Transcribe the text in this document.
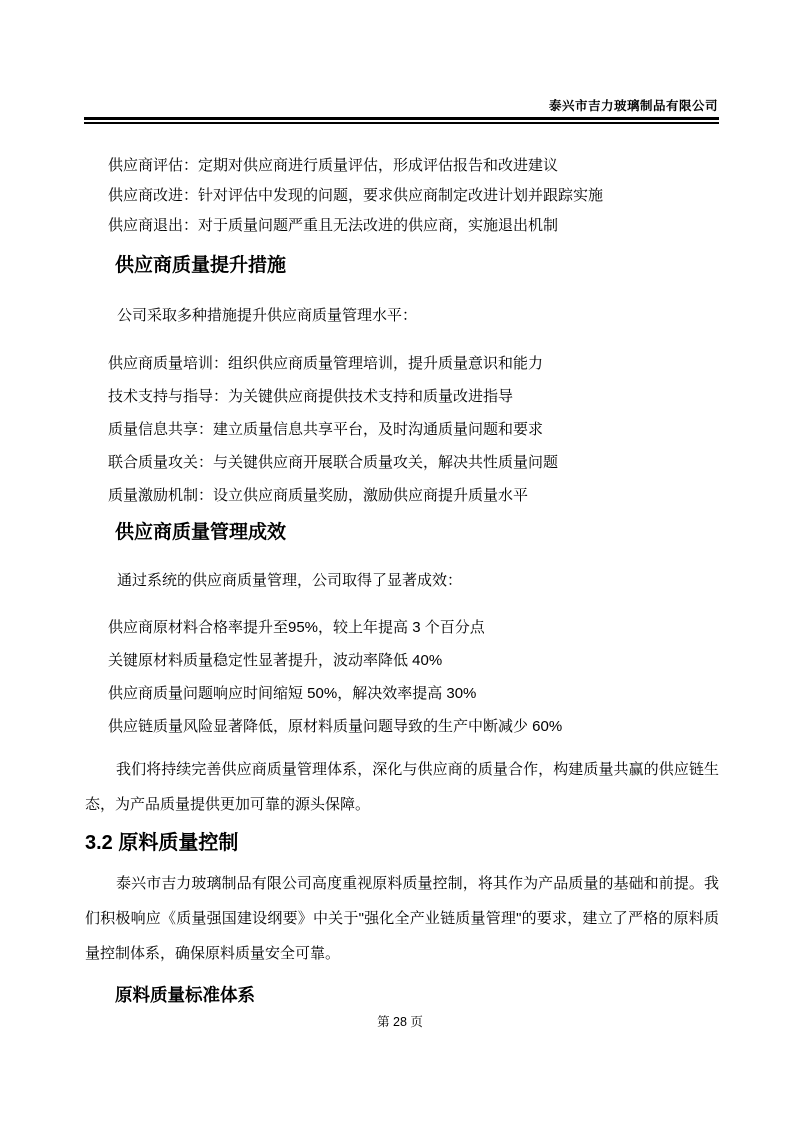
泰兴市吉力玻璃制品有限公司
供应商评估：定期对供应商进行质量评估，形成评估报告和改进建议
供应商改进：针对评估中发现的问题，要求供应商制定改进计划并跟踪实施
供应商退出：对于质量问题严重且无法改进的供应商，实施退出机制
供应商质量提升措施
公司采取多种措施提升供应商质量管理水平：
供应商质量培训：组织供应商质量管理培训，提升质量意识和能力
技术支持与指导：为关键供应商提供技术支持和质量改进指导
质量信息共享：建立质量信息共享平台，及时沟通质量问题和要求
联合质量攻关：与关键供应商开展联合质量攻关，解决共性质量问题
质量激励机制：设立供应商质量奖励，激励供应商提升质量水平
供应商质量管理成效
通过系统的供应商质量管理，公司取得了显著成效：
供应商原材料合格率提升至95%，较上年提高 3 个百分点
关键原材料质量稳定性显著提升，波动率降低 40%
供应商质量问题响应时间缩短 50%，解决效率提高 30%
供应链质量风险显著降低，原材料质量问题导致的生产中断减少 60%
我们将持续完善供应商质量管理体系，深化与供应商的质量合作，构建质量共赢的供应链生态，为产品质量提供更加可靠的源头保障。
3.2 原料质量控制
泰兴市吉力玻璃制品有限公司高度重视原料质量控制，将其作为产品质量的基础和前提。我们积极响应《质量强国建设纲要》中关于"强化全产业链质量管理"的要求，建立了严格的原料质量控制体系，确保原料质量安全可靠。
原料质量标准体系
第 28 页
